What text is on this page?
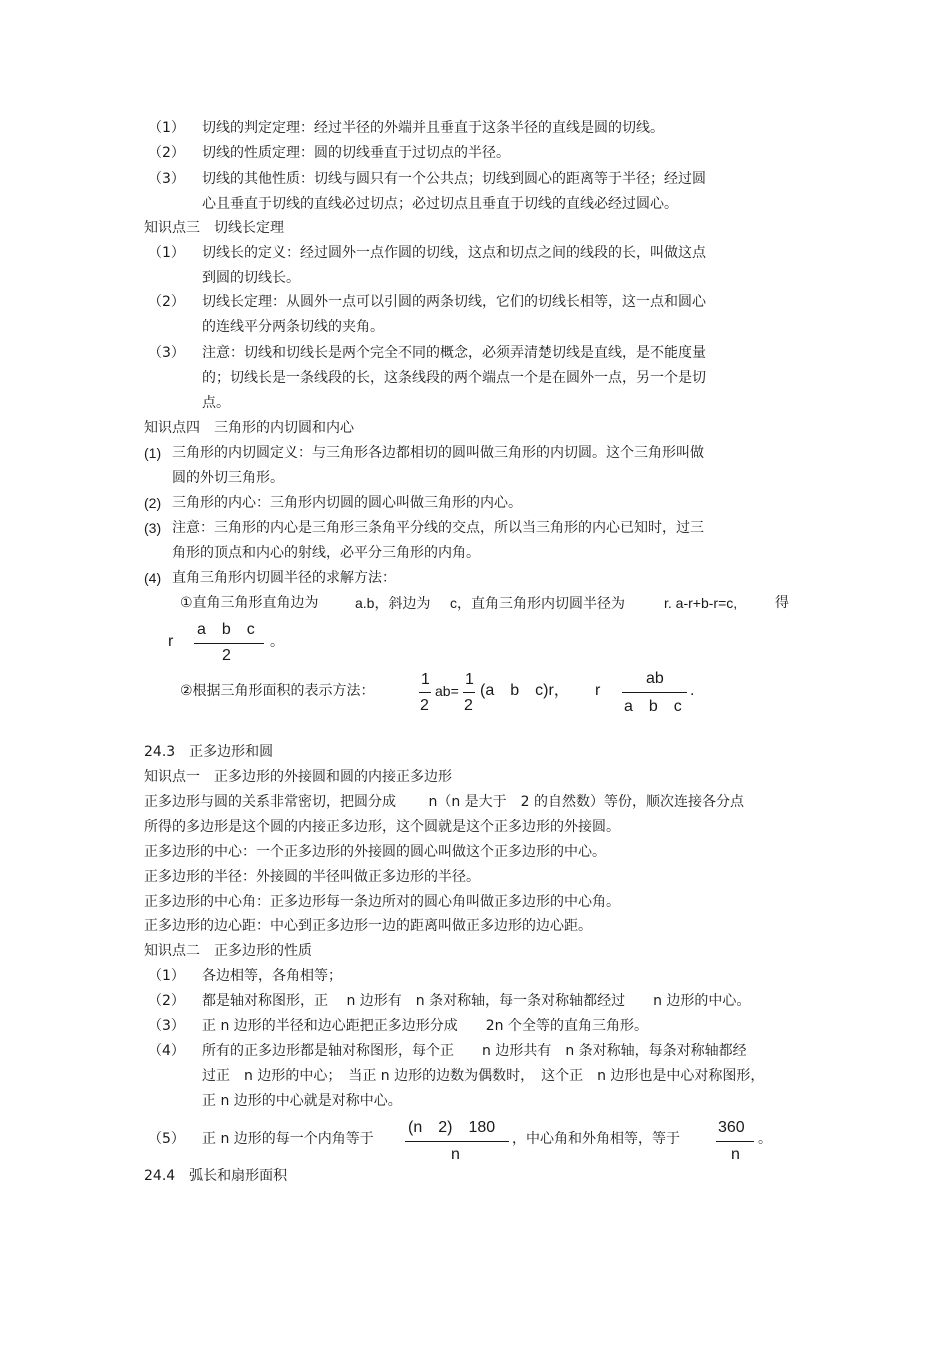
（1） 切线的判定定理：经过半径的外端并且垂直于这条半径的直线是圆的切线。
（2） 切线的性质定理：圆的切线垂直于过切点的半径。
（3） 切线的其他性质：切线与圆只有一个公共点；切线到圆心的距离等于半径；经过圆
心且垂直于切线的直线必过切点；必过切点且垂直于切线的直线必经过圆心。
知识点三　切线长定理
（1） 切线长的定义：经过圆外一点作圆的切线，这点和切点之间的线段的长，叫做这点
到圆的切线长。
（2） 切线长定理：从圆外一点可以引圆的两条切线，它们的切线长相等，这一点和圆心
的连线平分两条切线的夹角。
（3） 注意：切线和切线长是两个完全不同的概念，必须弄清楚切线是直线，是不能度量
的；切线长是一条线段的长，这条线段的两个端点一个是在圆外一点，另一个是切
点。
知识点四　三角形的内切圆和内心
(1) 三角形的内切圆定义：与三角形各边都相切的圆叫做三角形的内切圆。这个三角形叫做
圆的外切三角形。
(2) 三角形的内心：三角形内切圆的圆心叫做三角形的内心。
(3) 注意：三角形的内心是三角形三条角平分线的交点，所以当三角形的内心已知时，过三
角形的顶点和内心的射线，必平分三角形的内角。
(4) 直角三角形内切圆半径的求解方法：
①直角三角形直角边为	a.b，斜边为 c，直角三角形内切圆半径为	r. a-r+b-r=c,	得
r
a　b　c
2
。
②根据三角形面积的表示方法：
1
2
ab=
1
2
(a　b　c)r， r
ab
a　b　c
.
24.3　正多边形和圆
知识点一　正多边形的外接圆和圆的内接正多边形
正多边形与圆的关系非常密切，把圆分成　　 n（n 是大于　2 的自然数）等份，顺次连接各分点
所得的多边形是这个圆的内接正多边形，这个圆就是这个正多边形的外接圆。
正多边形的中心：一个正多边形的外接圆的圆心叫做这个正多边形的中心。
正多边形的半径：外接圆的半径叫做正多边形的半径。
正多边形的中心角：正多边形每一条边所对的圆心角叫做正多边形的中心角。
正多边形的边心距：中心到正多边形一边的距离叫做正多边形的边心距。
知识点二　正多边形的性质
（1） 各边相等，各角相等；
（2） 都是轴对称图形，正　 n 边形有　n 条对称轴，每一条对称轴都经过　　n 边形的中心。
（3） 正 n 边形的半径和边心距把正多边形分成　　2n 个全等的直角三角形。
（4） 所有的正多边形都是轴对称图形，每个正　　n 边形共有　n 条对称轴，每条对称轴都经
过正　n 边形的中心；　当正 n 边形的边数为偶数时，　这个正　n 边形也是中心对称图形，
正 n 边形的中心就是对称中心。
（5） 正 n 边形的每一个内角等于
(n　2)　180
n
，中心角和外角相等，等于
360
n
。
24.4　弧长和扇形面积
